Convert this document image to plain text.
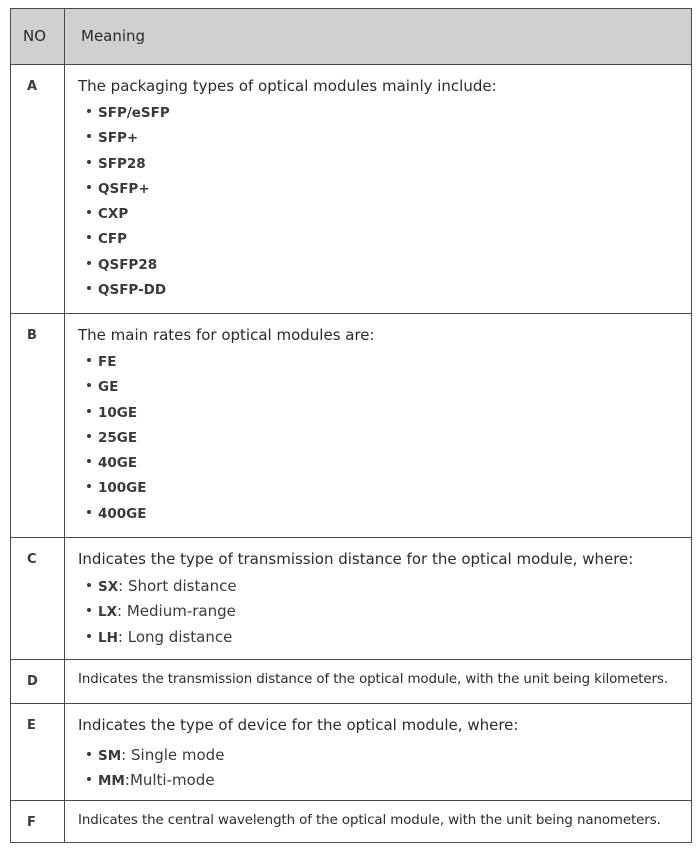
NO Meaning
A	The packaging types of optical modules mainly include:
SFP/eSFP
SFP+
SFP28
QSFP+
CXP
CFP
QSFP28
QSFP-DD
B	The main rates for optical modules are:
FE
GE
10GE
25GE
40GE
100GE
400GE
C	Indicates the type of transmission distance for the optical module, where:
SX: Short distance
LX: Medium-range
LH: Long distance
D	Indicates the transmission distance of the optical module, with the unit being kilometers.
E	Indicates the type of device for the optical module, where:
SM: Single mode
MM:Multi-mode
F	Indicates the central wavelength of the optical module, with the unit being nanometers.
